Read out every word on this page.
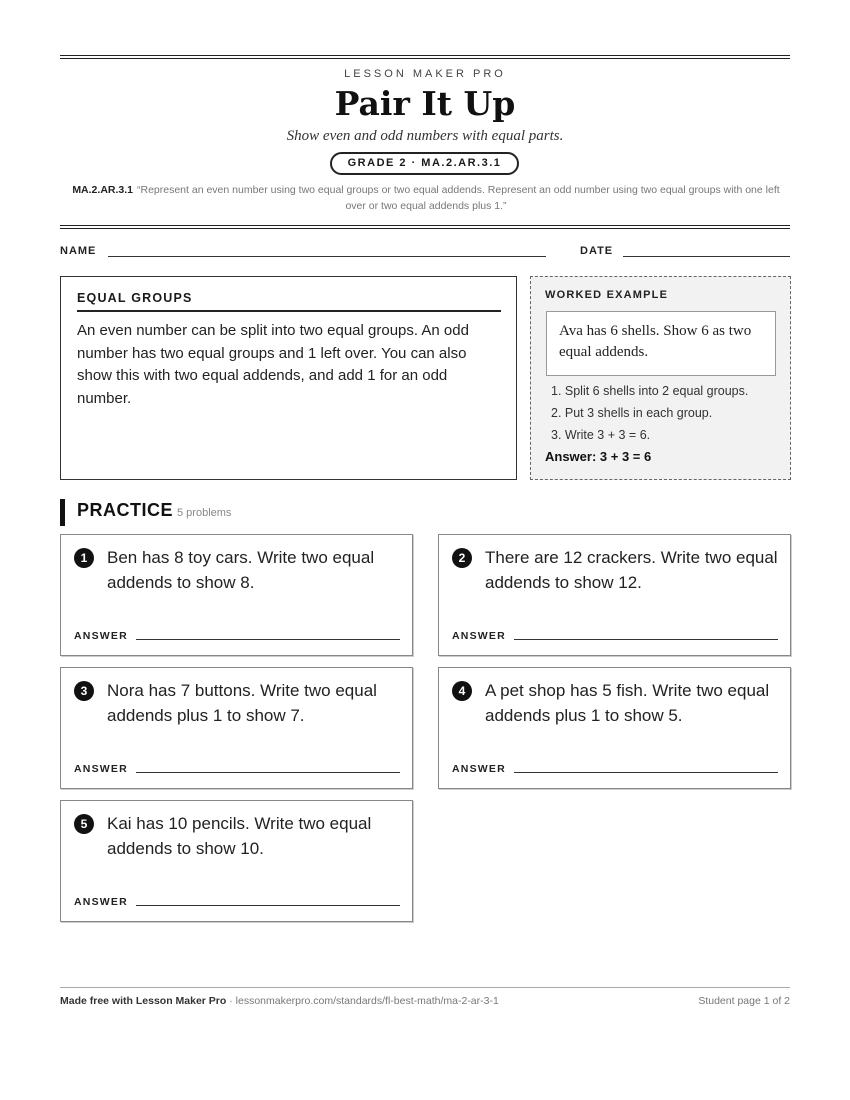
LESSON MAKER PRO
Pair It Up
Show even and odd numbers with equal parts.
GRADE 2 · MA.2.AR.3.1
MA.2.AR.3.1 “Represent an even number using two equal groups or two equal addends. Represent an odd number using two equal groups with one left over or two equal addends plus 1.”
NAME	DATE
EQUAL GROUPS
An even number can be split into two equal groups. An odd number has two equal groups and 1 left over. You can also show this with two equal addends, and add 1 for an odd number.
WORKED EXAMPLE
Ava has 6 shells. Show 6 as two equal addends.
1. Split 6 shells into 2 equal groups.
2. Put 3 shells in each group.
3. Write 3 + 3 = 6.
Answer: 3 + 3 = 6
PRACTICE 5 problems
1	Ben has 8 toy cars. Write two equal addends to show 8.
ANSWER
2	There are 12 crackers. Write two equal addends to show 12.
ANSWER
3	Nora has 7 buttons. Write two equal addends plus 1 to show 7.
ANSWER
4	A pet shop has 5 fish. Write two equal addends plus 1 to show 5.
ANSWER
5	Kai has 10 pencils. Write two equal addends to show 10.
ANSWER
Made free with Lesson Maker Pro · lessonmakerpro.com/standards/fl-best-math/ma-2-ar-3-1	Student page 1 of 2
